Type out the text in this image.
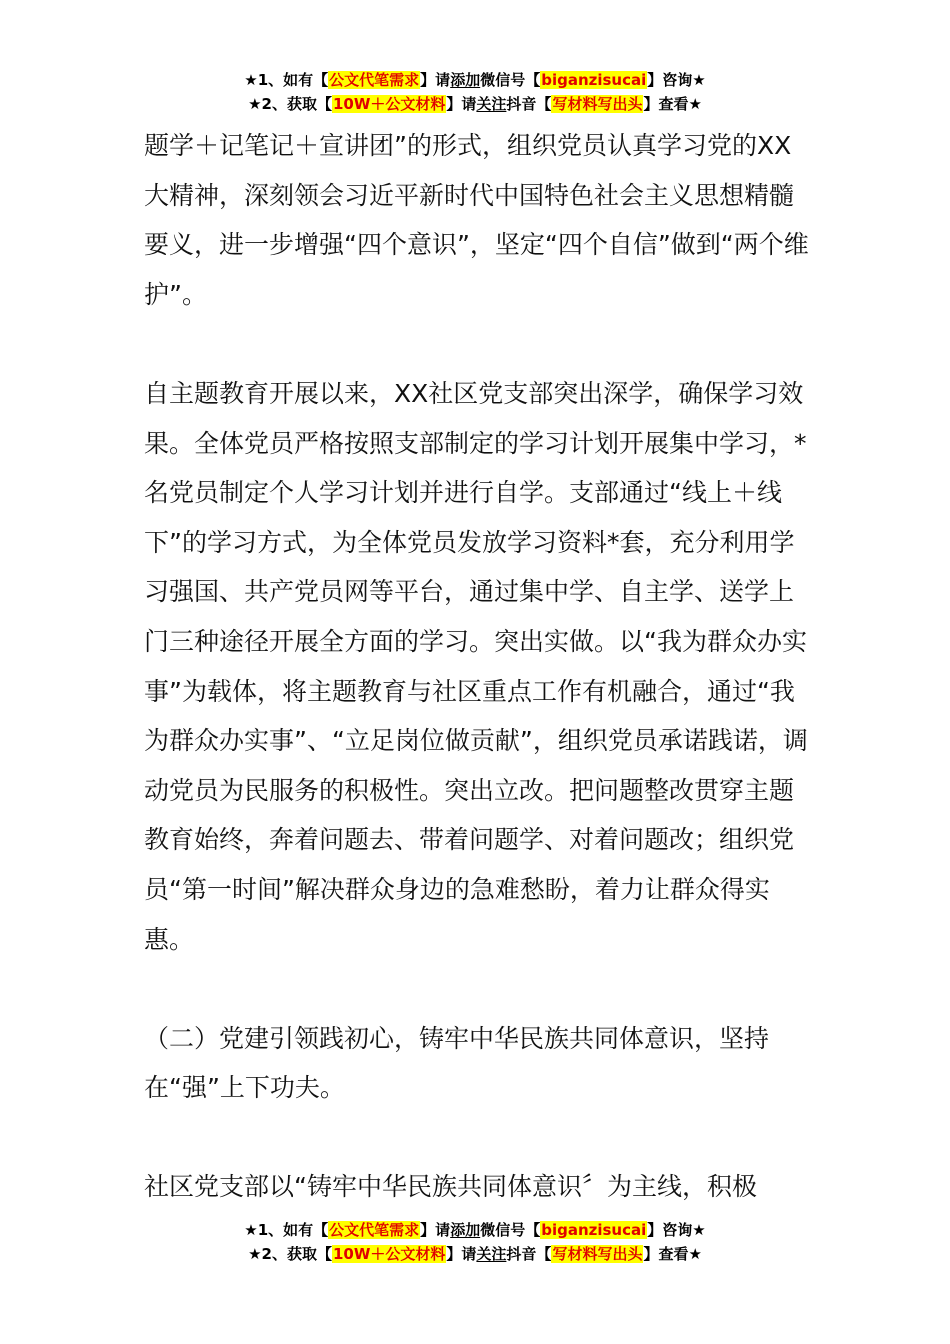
★1、如有【公文代笔需求】请添加微信号【biganzisucai】咨询★
★2、获取【10W＋公文材料】请关注抖音【写材料写出头】查看★

题学＋记笔记＋宣讲团”的形式，组织党员认真学习党的XX大精神，深刻领会习近平新时代中国特色社会主义思想精髓要义，进一步增强“四个意识”，坚定“四个自信”做到“两个维护”。

自主题教育开展以来，XX社区党支部突出深学，确保学习效果。全体党员严格按照支部制定的学习计划开展集中学习，*名党员制定个人学习计划并进行自学。支部通过“线上＋线下”的学习方式，为全体党员发放学习资料*套，充分利用学习强国、共产党员网等平台，通过集中学、自主学、送学上门三种途径开展全方面的学习。突出实做。以“我为群众办实事”为载体，将主题教育与社区重点工作有机融合，通过“我为群众办实事”、“立足岗位做贡献”，组织党员承诺践诺，调动党员为民服务的积极性。突出立改。把问题整改贯穿主题教育始终，奔着问题去、带着问题学、对着问题改；组织党员“第一时间”解决群众身边的急难愁盼，着力让群众得实惠。

（二）党建引领践初心，铸牢中华民族共同体意识，坚持在“强”上下功夫。

社区党支部以“铸牢中华民族共同体意识〞为主线，积极

★1、如有【公文代笔需求】请添加微信号【biganzisucai】咨询★
★2、获取【10W＋公文材料】请关注抖音【写材料写出头】查看★
